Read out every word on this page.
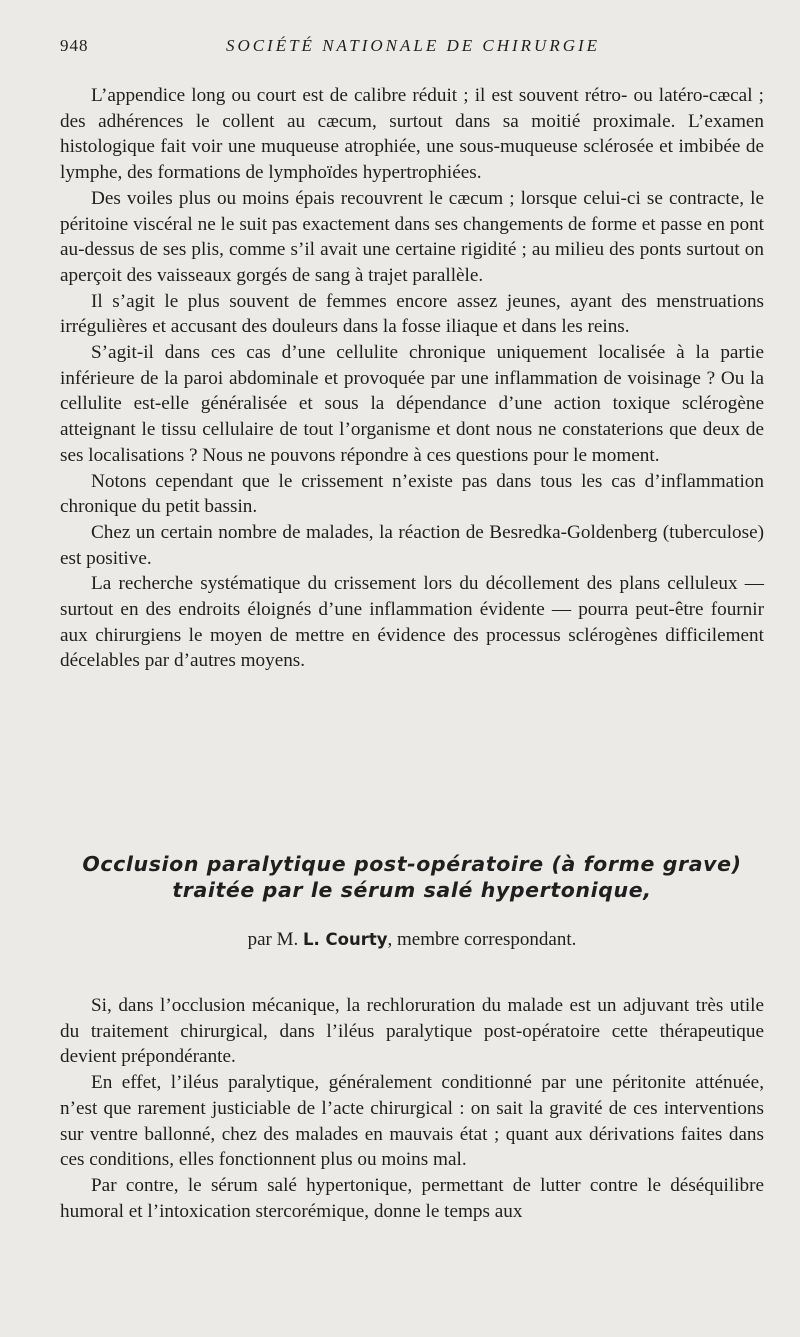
948	SOCIÉTÉ NATIONALE DE CHIRURGIE

L’appendice long ou court est de calibre réduit ; il est souvent rétro- ou latéro-cæcal ; des adhérences le collent au cæcum, surtout dans sa moitié proximale. L’examen histologique fait voir une muqueuse atrophiée, une sous-muqueuse sclérosée et imbibée de lymphe, des formations de lymphoïdes hypertrophiées.

Des voiles plus ou moins épais recouvrent le cæcum ; lorsque celui-ci se contracte, le péritoine viscéral ne le suit pas exactement dans ses changements de forme et passe en pont au-dessus de ses plis, comme s’il avait une certaine rigidité ; au milieu des ponts surtout on aperçoit des vaisseaux gorgés de sang à trajet parallèle.

Il s’agit le plus souvent de femmes encore assez jeunes, ayant des menstruations irrégulières et accusant des douleurs dans la fosse iliaque et dans les reins.

S’agit-il dans ces cas d’une cellulite chronique uniquement localisée à la partie inférieure de la paroi abdominale et provoquée par une inflammation de voisinage ? Ou la cellulite est-elle généralisée et sous la dépendance d’une action toxique sclérogène atteignant le tissu cellulaire de tout l’organisme et dont nous ne constaterions que deux de ses localisations ? Nous ne pouvons répondre à ces questions pour le moment.

Notons cependant que le crissement n’existe pas dans tous les cas d’inflammation chronique du petit bassin.

Chez un certain nombre de malades, la réaction de Besredka-Goldenberg (tuberculose) est positive.

La recherche systématique du crissement lors du décollement des plans celluleux — surtout en des endroits éloignés d’une inflammation évidente — pourra peut-être fournir aux chirurgiens le moyen de mettre en évidence des processus sclérogènes difficilement décelables par d’autres moyens.

Occlusion paralytique post-opératoire (à forme grave)
traitée par le sérum salé hypertonique,

par M. L. Courty, membre correspondant.

Si, dans l’occlusion mécanique, la rechloruration du malade est un adjuvant très utile du traitement chirurgical, dans l’iléus paralytique post-opératoire cette thérapeutique devient prépondérante.

En effet, l’iléus paralytique, généralement conditionné par une péritonite atténuée, n’est que rarement justiciable de l’acte chirurgical : on sait la gravité de ces interventions sur ventre ballonné, chez des malades en mauvais état ; quant aux dérivations faites dans ces conditions, elles fonctionnent plus ou moins mal.

Par contre, le sérum salé hypertonique, permettant de lutter contre le déséquilibre humoral et l’intoxication stercorémique, donne le temps aux
